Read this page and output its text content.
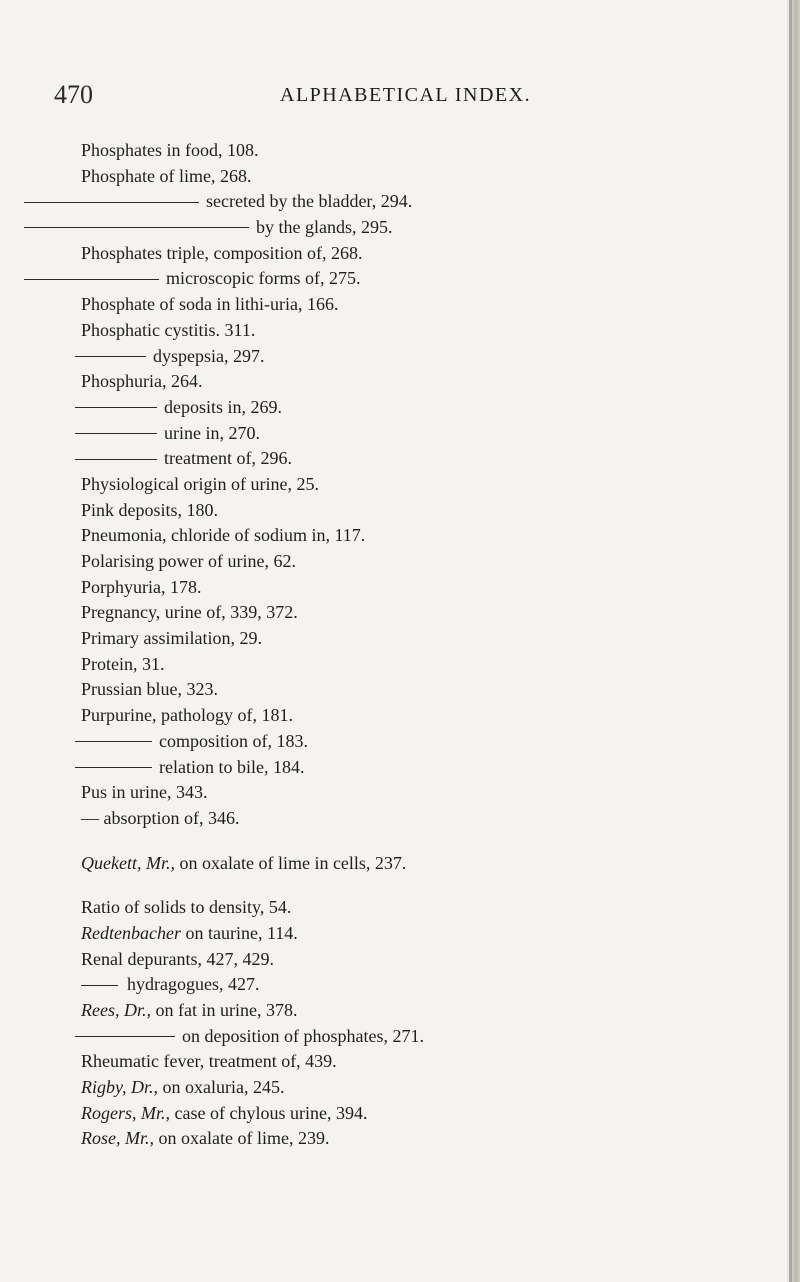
470	ALPHABETICAL INDEX.
Phosphates in food, 108.
Phosphate of lime, 268.
secreted by the bladder, 294.
by the glands, 295.
Phosphates triple, composition of, 268.
microscopic forms of, 275.
Phosphate of soda in lithi-uria, 166.
Phosphatic cystitis. 311.
dyspepsia, 297.
Phosphuria, 264.
deposits in, 269.
urine in, 270.
treatment of, 296.
Physiological origin of urine, 25.
Pink deposits, 180.
Pneumonia, chloride of sodium in, 117.
Polarising power of urine, 62.
Porphyuria, 178.
Pregnancy, urine of, 339, 372.
Primary assimilation, 29.
Protein, 31.
Prussian blue, 323.
Purpurine, pathology of, 181.
composition of, 183.
relation to bile, 184.
Pus in urine, 343.
— absorption of, 346.
Quekett, Mr., on oxalate of lime in cells, 237.
Ratio of solids to density, 54.
Redtenbacher on taurine, 114.
Renal depurants, 427, 429.
hydragogues, 427.
Rees, Dr., on fat in urine, 378.
on deposition of phosphates, 271.
Rheumatic fever, treatment of, 439.
Rigby, Dr., on oxaluria, 245.
Rogers, Mr., case of chylous urine, 394.
Rose, Mr., on oxalate of lime, 239.
